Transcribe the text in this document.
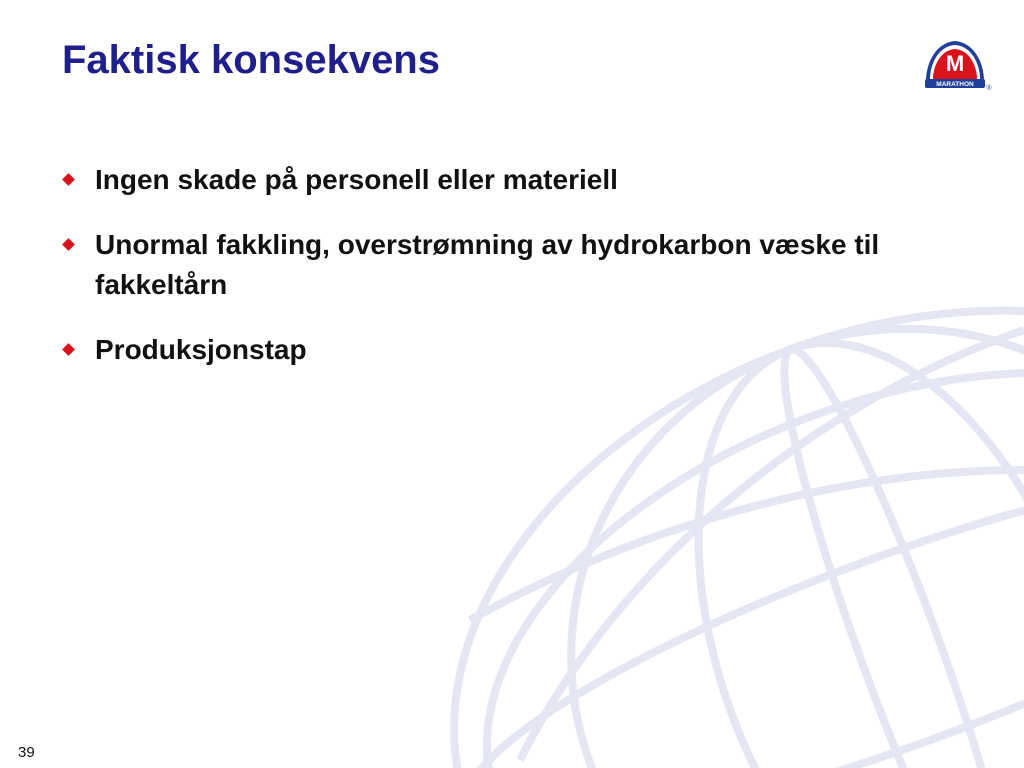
Faktisk konsekvens	M
MARATHON
®
Ingen skade på personell eller materiell
Unormal fakkling, overstrømning av hydrokarbon væske til fakkeltårn
Produksjonstap
39
